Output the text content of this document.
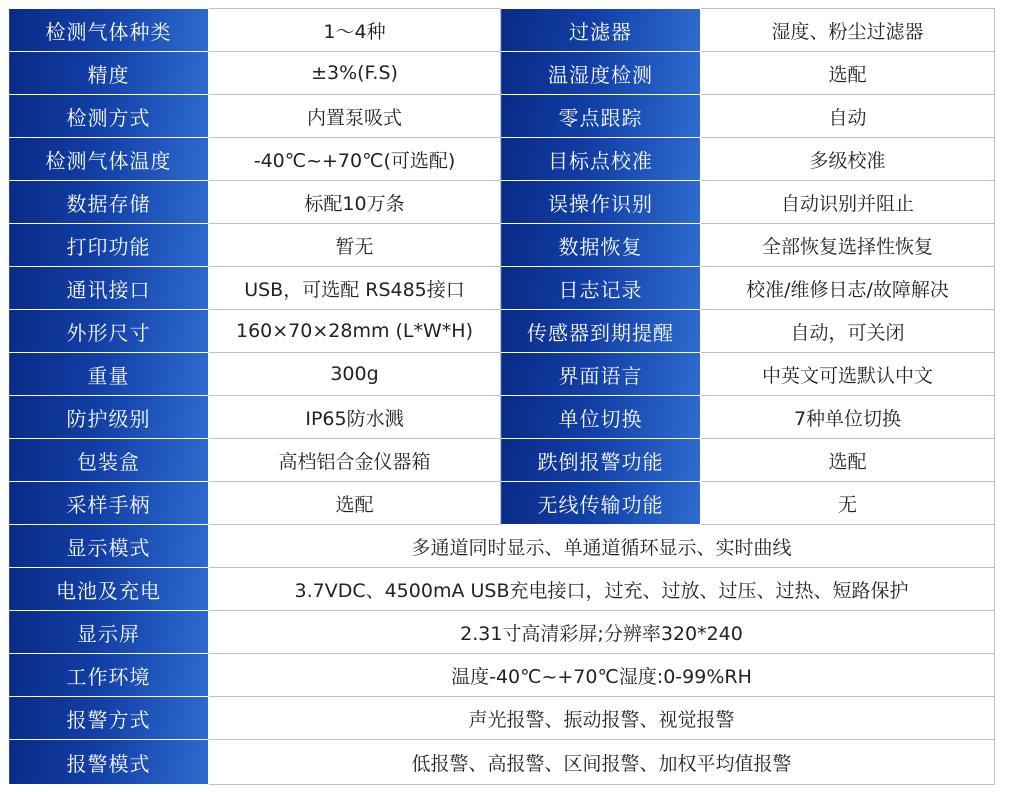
检测气体种类	1～4种	过滤器	湿度、粉尘过滤器
精度	±3%(F.S)	温湿度检测	选配
检测方式	内置泵吸式	零点跟踪	自动
检测气体温度	-40℃~+70℃(可选配)	目标点校准	多级校准
数据存储	标配10万条	误操作识别	自动识别并阻止
打印功能	暂无	数据恢复	全部恢复选择性恢复
通讯接口	USB，可选配 RS485接口	日志记录	校准/维修日志/故障解决
外形尺寸	160×70×28mm (L*W*H)	传感器到期提醒	自动，可关闭
重量	300g	界面语言	中英文可选默认中文
防护级别	IP65防水溅	单位切换	7种单位切换
包装盒	高档铝合金仪器箱	跌倒报警功能	选配
采样手柄	选配	无线传输功能	无
显示模式	多通道同时显示、单通道循环显示、实时曲线		
电池及充电	3.7VDC、4500mA USB充电接口，过充、过放、过压、过热、短路保护		
显示屏	2.31寸高清彩屏;分辨率320*240		
工作环境	温度-40℃~+70℃湿度:0-99%RH		
报警方式	声光报警、振动报警、视觉报警		
报警模式	低报警、高报警、区间报警、加权平均值报警		
